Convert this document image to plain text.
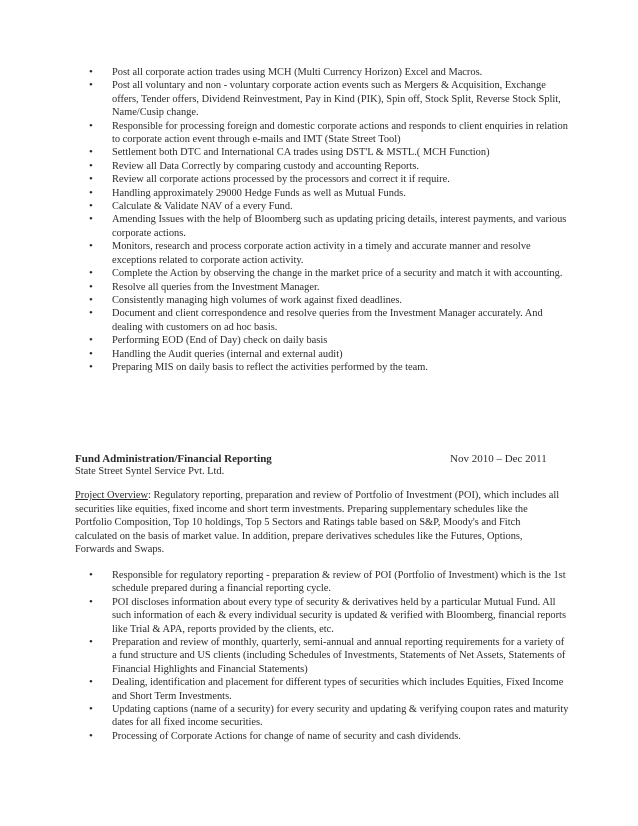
• Post all corporate action trades using MCH (Multi Currency Horizon) Excel and Macros.
• Post all voluntary and non - voluntary corporate action events such as Mergers & Acquisition, Exchange offers, Tender offers, Dividend Reinvestment, Pay in Kind (PIK), Spin off, Stock Split, Reverse Stock Split, Name/Cusip change.
• Responsible for processing foreign and domestic corporate actions and responds to client enquiries in relation to corporate action event through e-mails and IMT (State Street Tool)
• Settlement both DTC and International CA trades using DST'L & MSTL.( MCH Function)
• Review all Data Correctly by comparing custody and accounting Reports.
• Review all corporate actions processed by the processors and correct it if require.
• Handling approximately 29000 Hedge Funds as well as Mutual Funds.
• Calculate & Validate NAV of a every Fund.
• Amending Issues with the help of Bloomberg such as updating pricing details, interest payments, and various corporate actions.
• Monitors, research and process corporate action activity in a timely and accurate manner and resolve exceptions related to corporate action activity.
• Complete the Action by observing the change in the market price of a security and match it with accounting.
• Resolve all queries from the Investment Manager.
• Consistently managing high volumes of work against fixed deadlines.
• Document and client correspondence and resolve queries from the Investment Manager accurately. And dealing with customers on ad hoc basis.
• Performing EOD (End of Day) check on daily basis
• Handling the Audit queries (internal and external audit)
• Preparing MIS on daily basis to reflect the activities performed by the team.
Fund Administration/Financial Reporting	Nov 2010 – Dec 2011
State Street Syntel Service Pvt. Ltd.
Project Overview: Regulatory reporting, preparation and review of Portfolio of Investment (POI), which includes all securities like equities, fixed income and short term investments. Preparing supplementary schedules like the Portfolio Composition, Top 10 holdings, Top 5 Sectors and Ratings table based on S&P, Moody's and Fitch calculated on the basis of market value. In addition, prepare derivatives schedules like the Futures, Options, Forwards and Swaps.
• Responsible for regulatory reporting - preparation & review of POI (Portfolio of Investment) which is the 1st schedule prepared during a financial reporting cycle.
• POI discloses information about every type of security & derivatives held by a particular Mutual Fund. All such information of each & every individual security is updated & verified with Bloomberg, financial reports like Trial & APA, reports provided by the clients, etc.
• Preparation and review of monthly, quarterly, semi-annual and annual reporting requirements for a variety of a fund structure and US clients (including Schedules of Investments, Statements of Net Assets, Statements of Financial Highlights and Financial Statements)
• Dealing, identification and placement for different types of securities which includes Equities, Fixed Income and Short Term Investments.
• Updating captions (name of a security) for every security and updating & verifying coupon rates and maturity dates for all fixed income securities.
• Processing of Corporate Actions for change of name of security and cash dividends.
